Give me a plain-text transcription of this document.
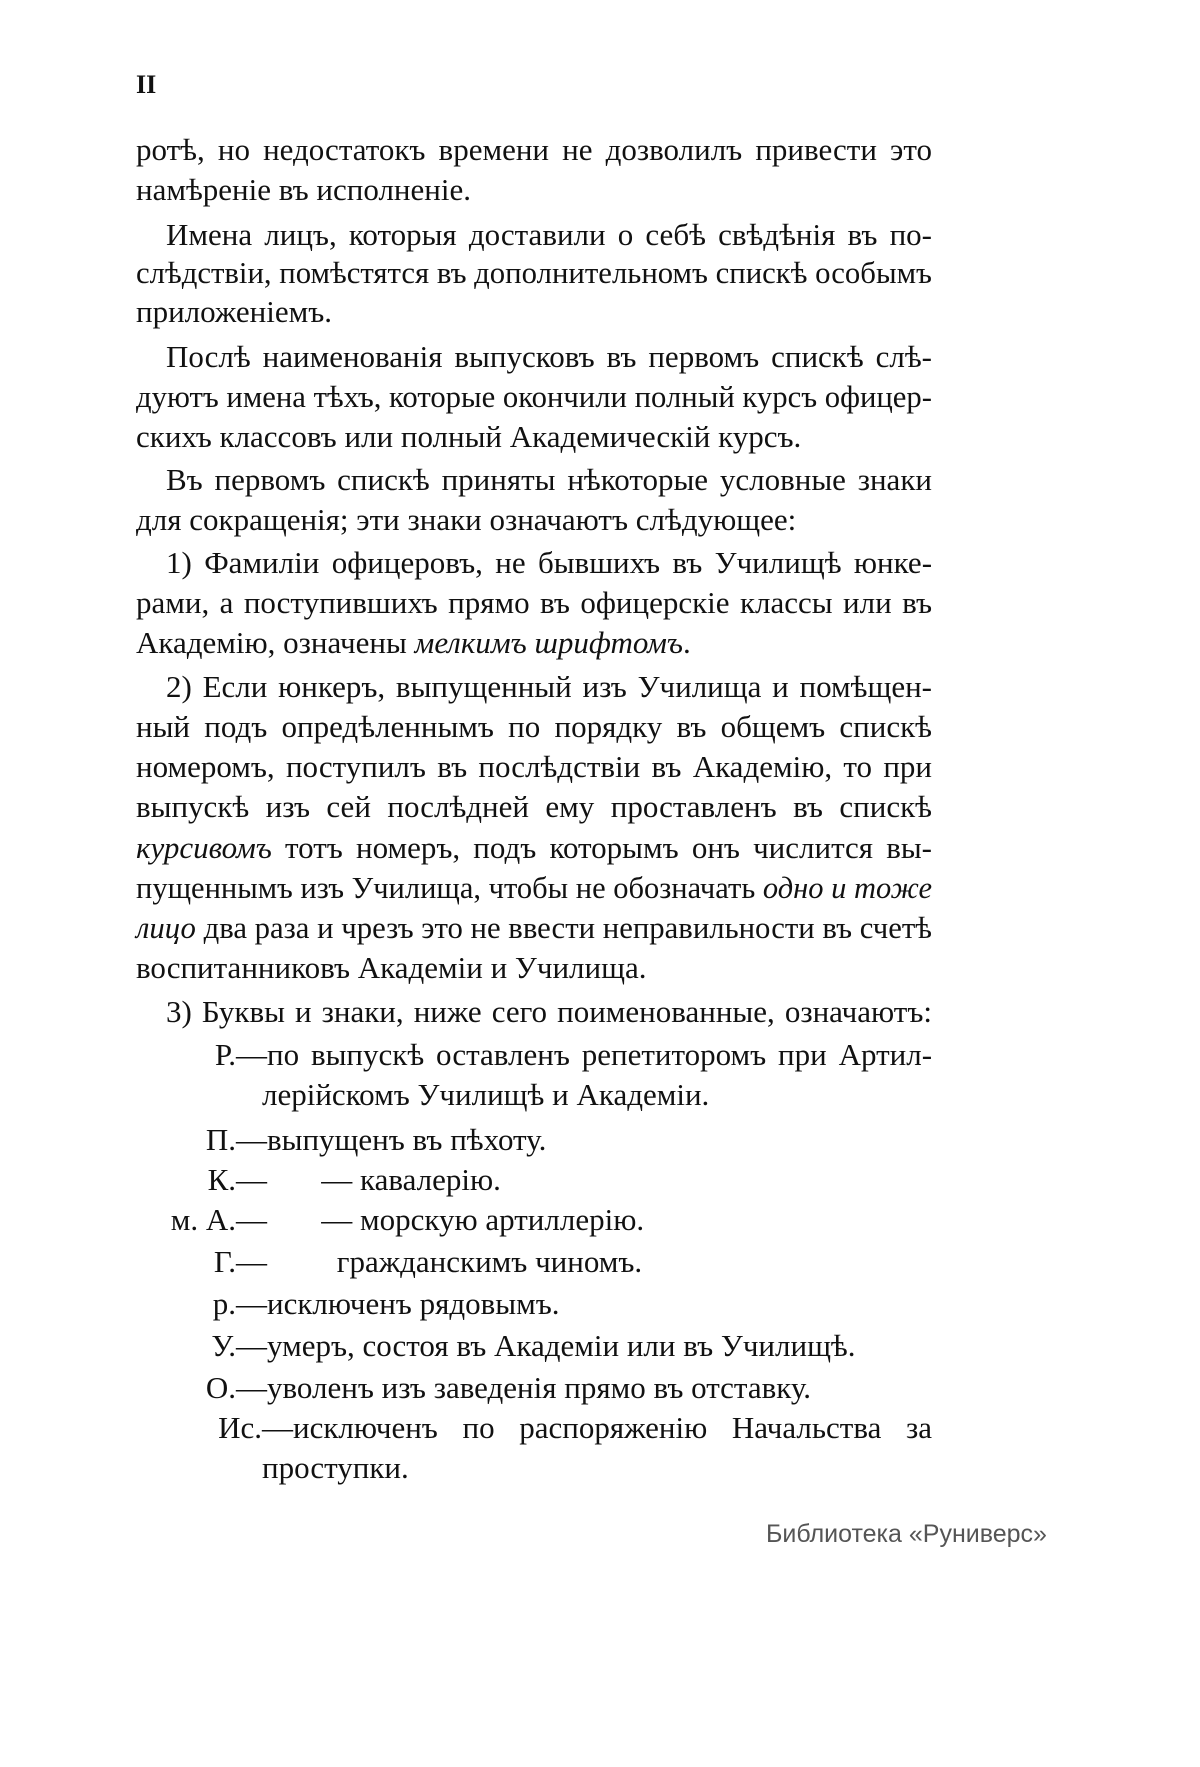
II
ротѣ, но недостатокъ времени не дозволилъ привести это
намѣреніе въ исполненіе.
Имена лицъ, которыя доставили о себѣ свѣдѣнія въ по-
слѣдствіи, помѣстятся въ дополнительномъ спискѣ особымъ
приложеніемъ.
Послѣ наименованія выпусковъ въ первомъ спискѣ слѣ-
дуютъ имена тѣхъ, которые окончили полный курсъ офицер-
скихъ классовъ или полный Академическій курсъ.
Въ первомъ спискѣ приняты нѣкоторые условные знаки
для сокращенія; эти знаки означаютъ слѣдующее:
1) Фамиліи офицеровъ, не бывшихъ въ Училищѣ юнке-
рами, а поступившихъ прямо въ офицерскіе классы или въ
Академію, означены мелкимъ шрифтомъ.
2) Если юнкеръ, выпущенный изъ Училища и помѣщен-
ный подъ опредѣленнымъ по порядку въ общемъ спискѣ
номеромъ, поступилъ въ послѣдствіи въ Академію, то при
выпускѣ изъ сей послѣдней ему проставленъ въ спискѣ
курсивомъ тотъ номеръ, подъ которымъ онъ числится вы-
пущеннымъ изъ Училища, чтобы не обозначать одно и тоже
лицо два раза и чрезъ это не ввести неправильности въ счетѣ
воспитанниковъ Академіи и Училища.
3) Буквы и знаки, ниже сего поименованные, означаютъ:
Р. —по выпускѣ оставленъ репетиторомъ при Артил-
лерійскомъ Училищѣ и Академіи.
П. —выпущенъ въ пѣхоту.
К. —       — кавалерію.
м. А. —       — морскую артиллерію.
Г. —         гражданскимъ чиномъ.
р. —исключенъ рядовымъ.
У. —умеръ, состоя въ Академіи или въ Училищѣ.
О. —уволенъ изъ заведенія прямо въ отставку.
Ис. —исключенъ по распоряженію Начальства за
проступки.
Библиотека «Руниверс»
